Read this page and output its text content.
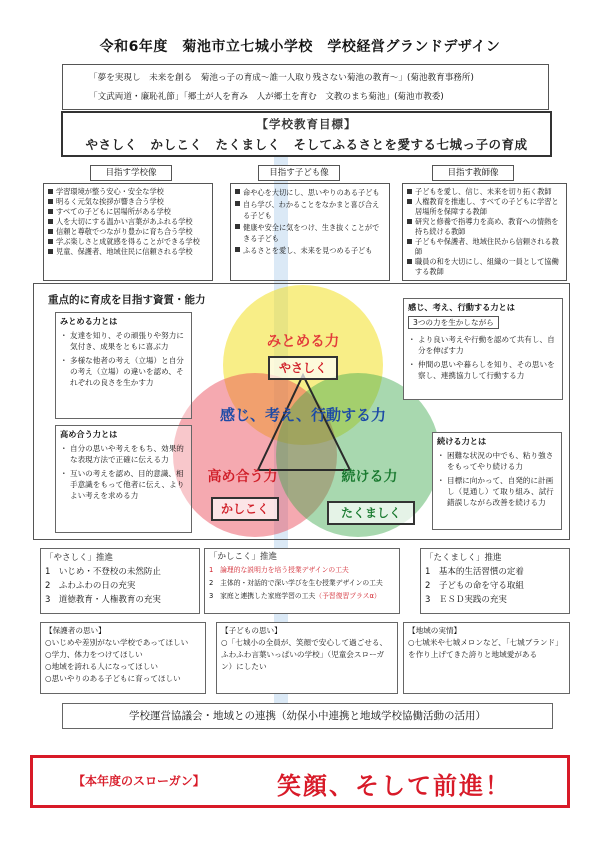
令和6年度　菊池市立七城小学校　学校経営グランドデザイン
「夢を実現し　未来を創る　菊池っ子の育成～誰一人取り残さない菊池の教育～」(菊池教育事務所)
「文武両道・廉恥礼節」「郷土が人を育み　人が郷土を育む　文教のまち菊池」(菊池市教委)
【学校教育目標】
やさしく　かしこく　たくましく　そしてふるさとを愛する七城っ子の育成
目指す学校像	目指す子ども像	目指す教師像
学習環境が整う安心・安全な学校
明るく元気な挨拶が響き合う学校
すべての子どもに居場所がある学校
人を大切にする温かい言葉があふれる学校
信頼と尊敬でつながり豊かに育ち合う学校
学ぶ楽しさと成就感を得ることができる学校
児童、保護者、地域住民に信頼される学校
命や心を大切にし、思いやりのある子ども
自ら学び、わかることをなかまと喜び合える子ども
健康や安全に気をつけ、生き抜くことができる子ども
ふるさとを愛し、未来を見つめる子ども
子どもを愛し、信じ、未来を切り拓く教師
人権教育を推進し、すべての子どもに学習と居場所を保障する教師
研究と修養で指導力を高め、教育への情熱を持ち続ける教師
子どもや保護者、地域住民から信頼される教師
職員の和を大切にし、組織の一員として協働する教師
重点的に育成を目指す資質・能力
みとめる力とは
・ 友達を知り、その頑張りや努力に気付き、成果をともに喜ぶ力
・ 多様な他者の考え（立場）と自分の考え（立場）の違いを認め、それぞれの良さを生かす力
高め合う力とは
・ 自分の思いや考えをもち、効果的な表現方法で正確に伝える力
・ 互いの考えを認め、目的意識、相手意識をもって他者に伝え、よりよい考えを求める力
感じ、考え、行動する力とは
3つの力を生かしながら
・ より良い考えや行動を認めて共有し、自分を伸ばす力
・ 仲間の思いや暮らしを知り、その思いを察し、連携協力して行動する力
続ける力とは
・ 困難な状況の中でも、粘り強さをもってやり続ける力
・ 目標に向かって、自発的に計画し（見通し）て取り組み、試行錯誤しながら改善を続ける力
みとめる力
やさしく
感じ、考え、行動する力
高め合う力
かしこく
続ける力
たくましく
「やさしく」推進
1　いじめ・不登校の未然防止
2　ふわふわの日の充実
3　道徳教育・人権教育の充実
「かしこく」推進
1　論理的な説明力を培う授業デザインの工夫
2　主体的・対話的で深い学びを生む授業デザインの工夫
3　家庭と連携した家庭学習の工夫（予習復習プラスα）
「たくましく」推進
1　基本的生活習慣の定着
2　子どもの命を守る取組
3　ＥＳＤ実践の充実
【保護者の思い】
○いじめや差別がない学校であってほしい
○学力、体力をつけてほしい
○地域を誇れる人になってほしい
○思いやりのある子どもに育ってほしい
【子どもの思い】
○「七城小の全員が、笑顔で安心して過ごせる、ふわふわ言葉いっぱいの学校」（児童会スローガン）にしたい
【地域の実情】
○七城米や七城メロンなど、「七城ブランド」を作り上げてきた誇りと地域愛がある
学校運営協議会・地域との連携（幼保小中連携と地域学校協働活動の活用）
【本年度のスローガン】	笑顔、そして前進！
